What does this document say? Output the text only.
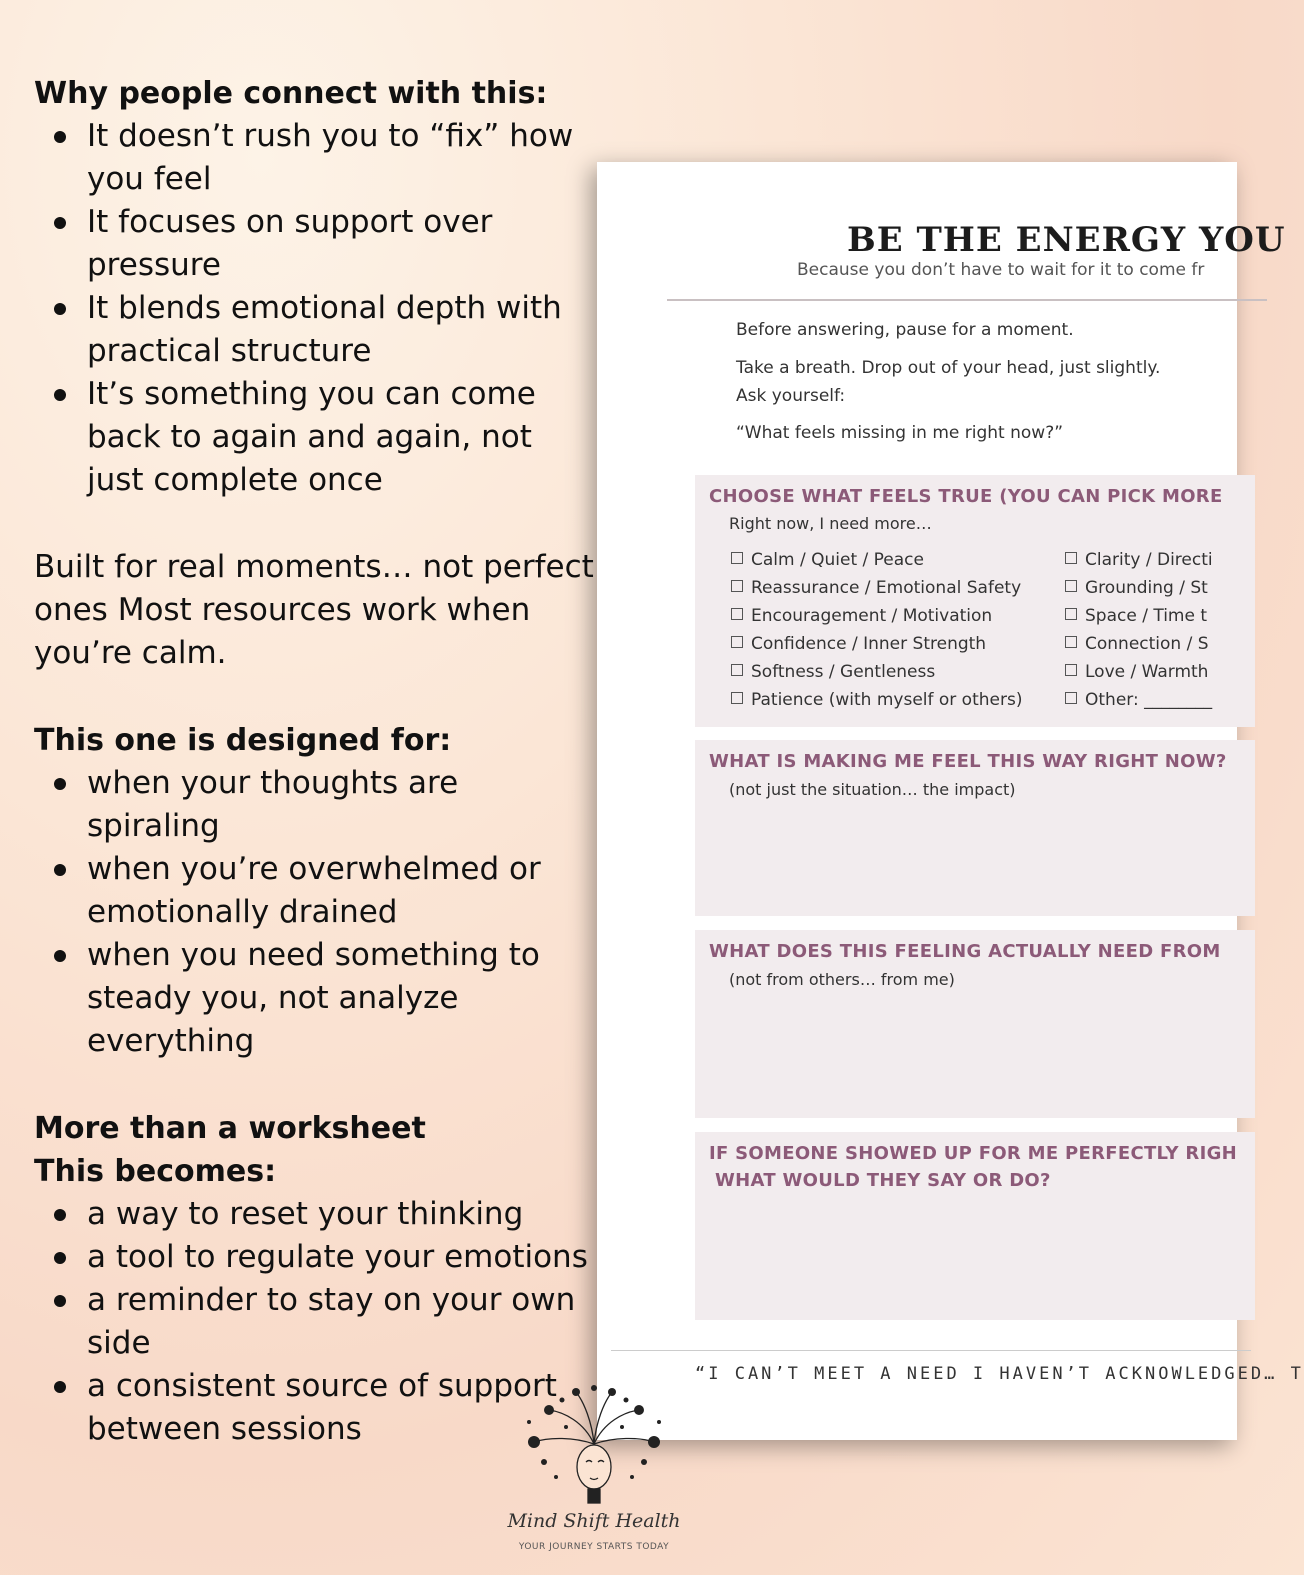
Why people connect with this:

It doesn’t rush you to “fix” how you feel
It focuses on support over pressure
It blends emotional depth with practical structure
It’s something you can come back to again and again, not just complete once

Built for real moments… not perfect ones Most resources work when you’re calm.

This one is designed for:

when your thoughts are spiraling
when you’re overwhelmed or emotionally drained
when you need something to steady you, not analyze everything

More than a worksheet

This becomes:

a way to reset your thinking
a tool to regulate your emotions
a reminder to stay on your own side
a consistent source of support between sessions
BE THE ENERGY YOU
Because you don’t have to wait for it to come fr
Before answering, pause for a moment.
Take a breath. Drop out of your head, just slightly.
Ask yourself:
“What feels missing in me right now?”
CHOOSE WHAT FEELS TRUE (YOU CAN PICK MORE
Right now, I need more…
Calm / Quiet / Peace
Reassurance / Emotional Safety
Encouragement / Motivation
Confidence / Inner Strength
Softness / Gentleness
Patience (with myself or others)
Clarity / Directi
Grounding / St
Space / Time t
Connection / S
Love / Warmth
Other: ________
WHAT IS MAKING ME FEEL THIS WAY RIGHT NOW?
(not just the situation… the impact)
WHAT DOES THIS FEELING ACTUALLY NEED FROM
(not from others… from me)
IF SOMEONE SHOWED UP FOR ME PERFECTLY RIGH
WHAT WOULD THEY SAY OR DO?
“I CAN’T MEET A NEED I HAVEN’T ACKNOWLEDGED… T
Mind Shift Health
YOUR JOURNEY STARTS TODAY
